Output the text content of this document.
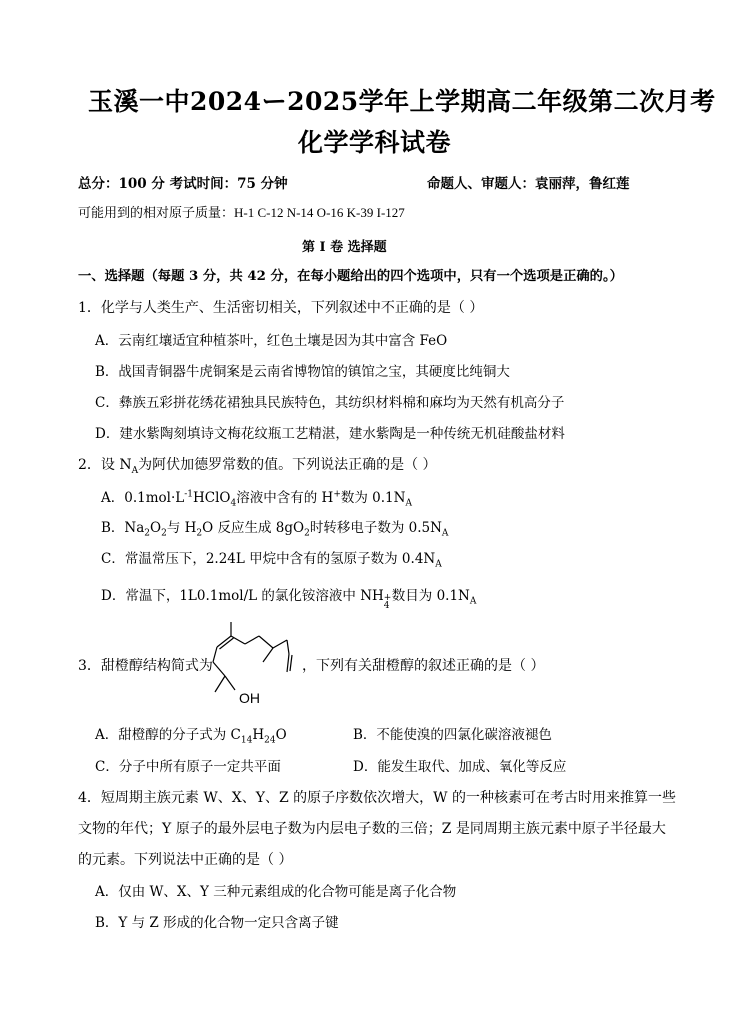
玉溪一中2024ー2025学年上学期高二年级第二次月考
化学学科试卷
总分：100 分 考试时间：75 分钟	命题人、审题人：袁丽萍，鲁红莲
可能用到的相对原子质量：H-1 C-12 N-14 O-16 K-39 I-127
第 I 卷 选择题
一、选择题（每题 3 分，共 42 分，在每小题给出的四个选项中，只有一个选项是正确的。）
1．化学与人类生产、生活密切相关，下列叙述中不正确的是（ ）
A．云南红壤适宜种植茶叶，红色土壤是因为其中富含 FeO
B．战国青铜器牛虎铜案是云南省博物馆的镇馆之宝，其硬度比纯铜大
C．彝族五彩拼花绣花裙独具民族特色，其纺织材料棉和麻均为天然有机高分子
D．建水紫陶刻填诗文梅花纹瓶工艺精湛，建水紫陶是一种传统无机硅酸盐材料
2．设 $N_A$为阿伏加德罗常数的值。下列说法正确的是（ ）
A．$0.1mol\cdot L^{-1}HClO_4$溶液中含有的 H+数为 $0.1N_A$
B．$Na_2O_2$与 $H_2O$ 反应生成 $8gO_2$时转移电子数为 $0.5N_A$
C．常温常压下，2.24L 甲烷中含有的氢原子数为 $0.4N_A$
D．常温下，1L0.1mol/L 的氯化铵溶液中 NH +
4
数目为 $0.1N_A$
3．甜橙醇结构简式为
OH
，下列有关甜橙醇的叙述正确的是（ ）
A．甜橙醇的分子式为 $C_{14}H_{24}O$	B．不能使溴的四氯化碳溶液褪色
C．分子中所有原子一定共平面	D．能发生取代、加成、氧化等反应
4．短周期主族元素 W、X、Y、Z 的原子序数依次增大，W 的一种核素可在考古时用来推算一些
文物的年代；Y 原子的最外层电子数为内层电子数的三倍；Z 是同周期主族元素中原子半径最大
的元素。下列说法中正确的是（ ）
A．仅由 W、X、Y 三种元素组成的化合物可能是离子化合物
B．Y 与 Z 形成的化合物一定只含离子键
